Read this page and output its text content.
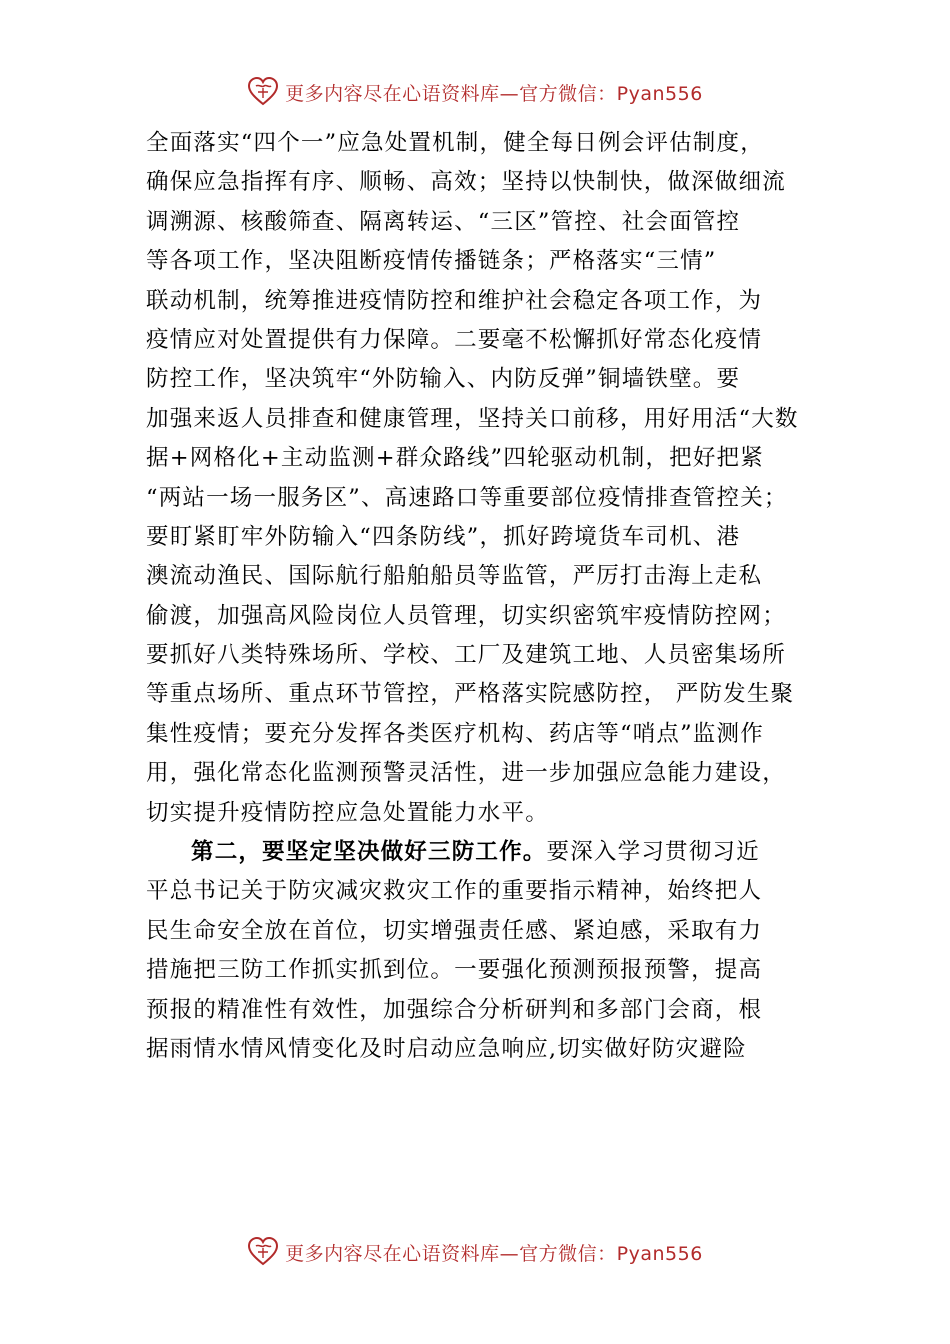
更多内容尽在心语资料库—官方微信：Pyan556
全面落实“四个一”应急处置机制，健全每日例会评估制度，
确保应急指挥有序、顺畅、高效；坚持以快制快，做深做细流
调溯源、核酸筛查、隔离转运、“三区”管控、社会面管控
等各项工作，坚决阻断疫情传播链条；严格落实“三情”
联动机制，统筹推进疫情防控和维护社会稳定各项工作，为
疫情应对处置提供有力保障。二要毫不松懈抓好常态化疫情
防控工作，坚决筑牢“外防输入、内防反弹”铜墙铁壁。要
加强来返人员排查和健康管理，坚持关口前移，用好用活“大数
据+网格化+主动监测+群众路线”四轮驱动机制，把好把紧
“两站一场一服务区”、高速路口等重要部位疫情排查管控关；
要盯紧盯牢外防输入“四条防线”，抓好跨境货车司机、港
澳流动渔民、国际航行船舶船员等监管，严厉打击海上走私
偷渡，加强高风险岗位人员管理，切实织密筑牢疫情防控网；
要抓好八类特殊场所、学校、工厂及建筑工地、人员密集场所
等重点场所、重点环节管控，严格落实院感防控， 严防发生聚
集性疫情；要充分发挥各类医疗机构、药店等“哨点”监测作
用，强化常态化监测预警灵活性，进一步加强应急能力建设，
切实提升疫情防控应急处置能力水平。
第二，要坚定坚决做好三防工作。要深入学习贯彻习近
平总书记关于防灾减灾救灾工作的重要指示精神，始终把人
民生命安全放在首位，切实增强责任感、紧迫感，采取有力
措施把三防工作抓实抓到位。一要强化预测预报预警，提高
预报的精准性有效性，加强综合分析研判和多部门会商，根
据雨情水情风情变化及时启动应急响应,切实做好防灾避险
更多内容尽在心语资料库—官方微信：Pyan556
